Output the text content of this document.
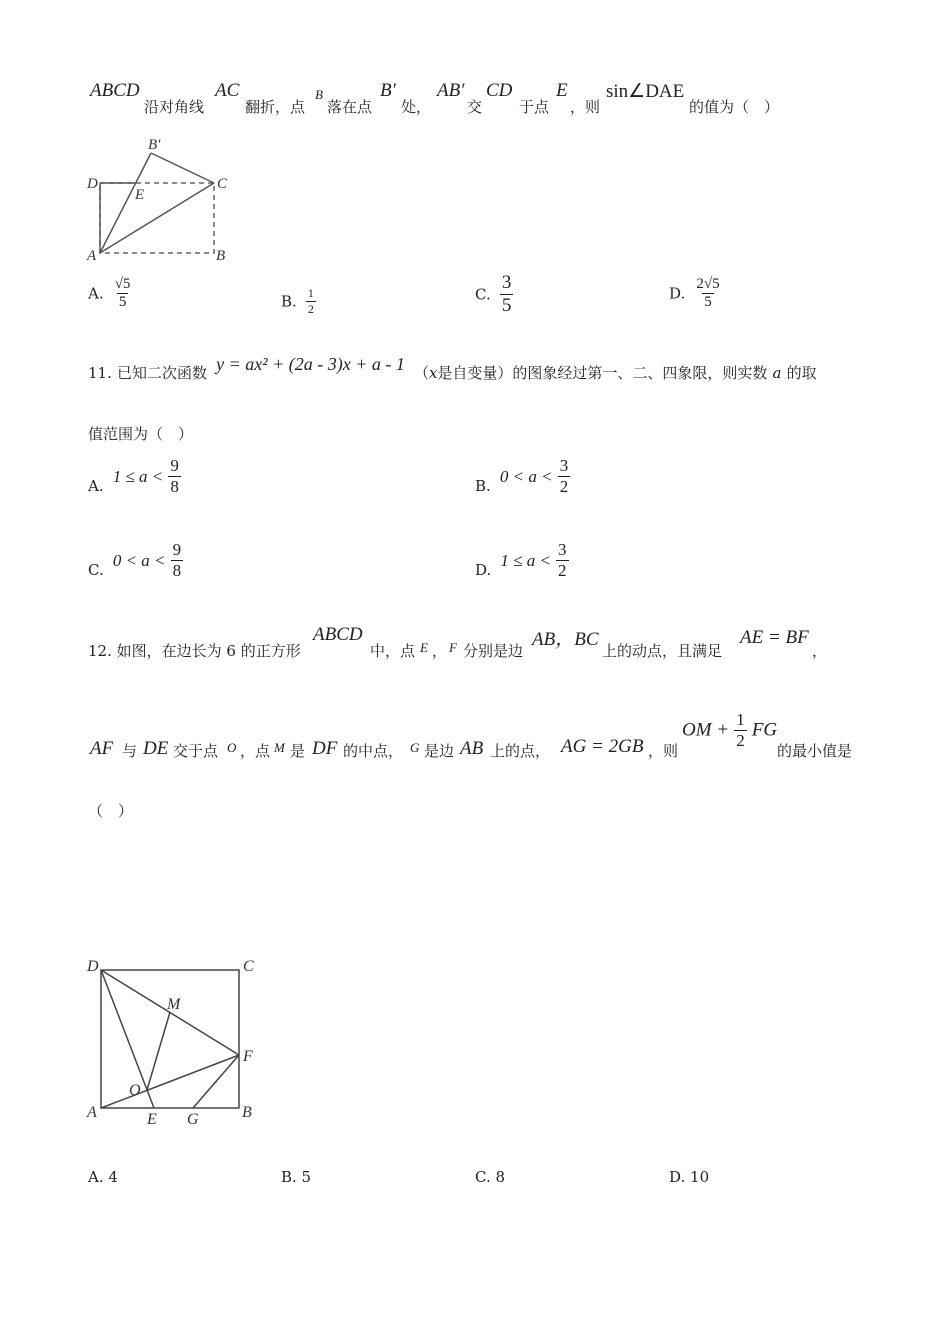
ABCD
沿对角线
AC
翻折，点
B
落在点
B′
处，
AB′
交
CD
于点
E
，则
sin∠DAE
的值为（　）
B′
D
E
C
A	B
A. $\frac{√5}{5}$	B. $\frac{1}{2}$	C. $\frac{3}{5}$	D. $\frac{2√5}{5}$
11. 已知二次函数 y = ax² + (2a - 3)x + a - 1 （x是自变量）的图象经过第一、二、四象限，则实数 a 的取
值范围为（　）
A. $1 \le a < \frac{9}{8}$	B. $0 < a < \frac{3}{2}$
C. $0 < a < \frac{9}{8}$	D. $1 \le a < \frac{3}{2}$
12. 如图，在边长为 6 的正方形
ABCD
中，点 E ， F 分别是边
AB，BC
上的动点，且满足
AE = BF
，
AF 与 DE 交于点 O ，点 M 是 DF 的中点， G 是边 AB 上的点， AG = 2GB ，则
OM + $\frac{1}{2}$ FG
的最小值是
（　）
D	C
M
F
O
A	E G	B
A. 4	B. 5	C. 8	D. 10
